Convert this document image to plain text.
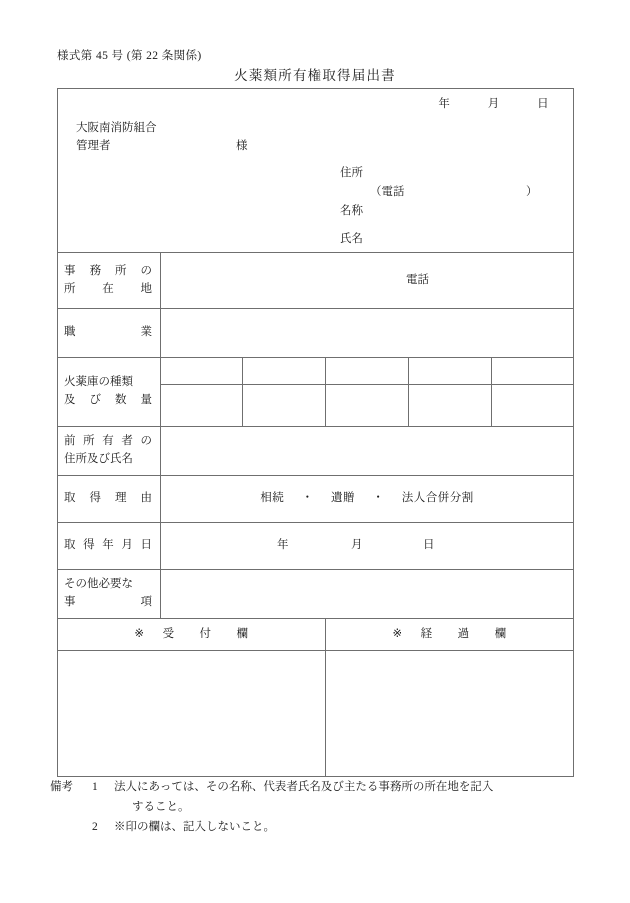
様式第 45 号 (第 22 条関係)
火薬類所有権取得届出書
年	月	日
大阪南消防組合
管理者	様
住所
（電話	）
名称
氏名

事務所の
所在地	電話				

職業					

火薬庫の種類
及び数量					

前所有者の
住所及び氏名					

取得理由	相続 ・ 遺贈 ・ 法人合併分割				

取得年月日	年 月 日				

その他必要な
事項					

※ 受付欄			※ 経過欄		

備考 1 法人にあっては、その名称、代表者氏名及び主たる事務所の所在地を記入
すること。
2 ※印の欄は、記入しないこと。
